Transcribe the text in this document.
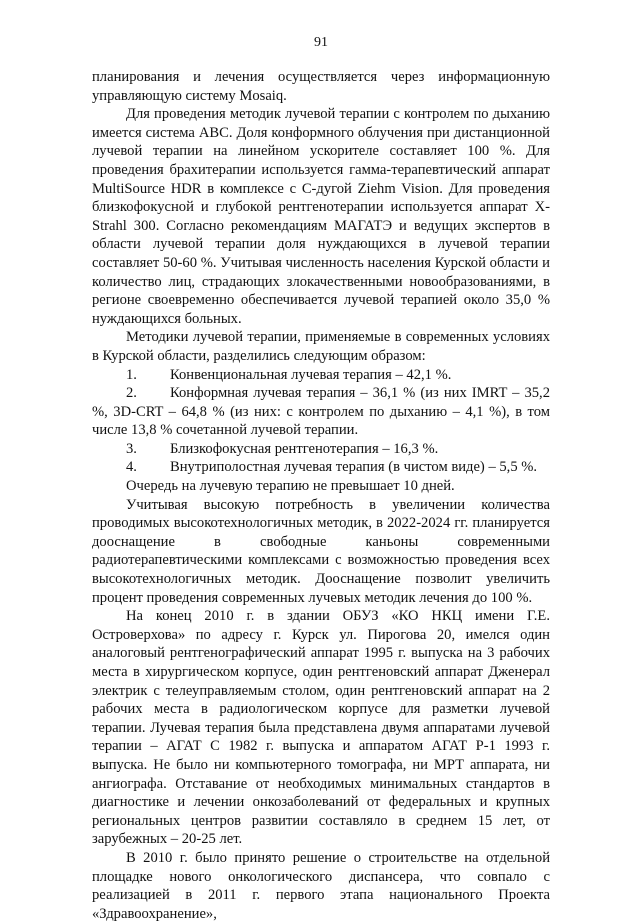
91

планирования и лечения осуществляется через информационную управляющую систему Mosaiq.

Для проведения методик лучевой терапии с контролем по дыханию имеется система ABC. Доля конформного облучения при дистанционной лучевой терапии на линейном ускорителе составляет 100 %. Для проведения брахитерапии используется гамма-терапевтический аппарат MultiSource HDR в комплексе с С-дугой Ziehm Vision. Для проведения близкофокусной и глубокой рентгенотерапии используется аппарат X-Strahl 300. Согласно рекомендациям МАГАТЭ и ведущих экспертов в области лучевой терапии доля нуждающихся в лучевой терапии составляет 50-60 %. Учитывая численность населения Курской области и количество лиц, страдающих злокачественными новообразованиями, в регионе своевременно обеспечивается лучевой терапией около 35,0 % нуждающихся больных.

Методики лучевой терапии, применяемые в современных условиях в Курской области, разделились следующим образом:

1. Конвенциональная лучевая терапия – 42,1 %.

2. Конформная лучевая терапия – 36,1 % (из них IMRT – 35,2 %, 3D-CRT – 64,8 % (из них: с контролем по дыханию – 4,1 %), в том числе 13,8 % сочетанной лучевой терапии.

3. Близкофокусная рентгенотерапия – 16,3 %.

4. Внутриполостная лучевая терапия (в чистом виде) – 5,5 %.

Очередь на лучевую терапию не превышает 10 дней.

Учитывая высокую потребность в увеличении количества проводимых высокотехнологичных методик, в 2022-2024 гг. планируется дооснащение в свободные каньоны современными радиотерапевтическими комплексами с возможностью проведения всех высокотехнологичных методик. Дооснащение позволит увеличить процент проведения современных лучевых методик лечения до 100 %.

На конец 2010 г. в здании ОБУЗ «КО НКЦ имени Г.Е. Островерхова» по адресу г. Курск ул. Пирогова 20, имелся один аналоговый рентгенографический аппарат 1995 г. выпуска на 3 рабочих места в хирургическом корпусе, один рентгеновский аппарат Дженерал электрик с телеуправляемым столом, один рентгеновский аппарат на 2 рабочих места в радиологическом корпусе для разметки лучевой терапии. Лучевая терапия была представлена двумя аппаратами лучевой терапии – АГАТ С 1982 г. выпуска и аппаратом АГАТ Р-1 1993 г. выпуска. Не было ни компьютерного томографа, ни МРТ аппарата, ни ангиографа. Отставание от необходимых минимальных стандартов в диагностике и лечении онкозаболеваний от федеральных и крупных региональных центров развитии составляло в среднем 15 лет, от зарубежных – 20-25 лет.

В 2010 г. было принято решение о строительстве на отдельной площадке нового онкологического диспансера, что совпало с реализацией в 2011 г. первого этапа национального Проекта «Здравоохранение»,
